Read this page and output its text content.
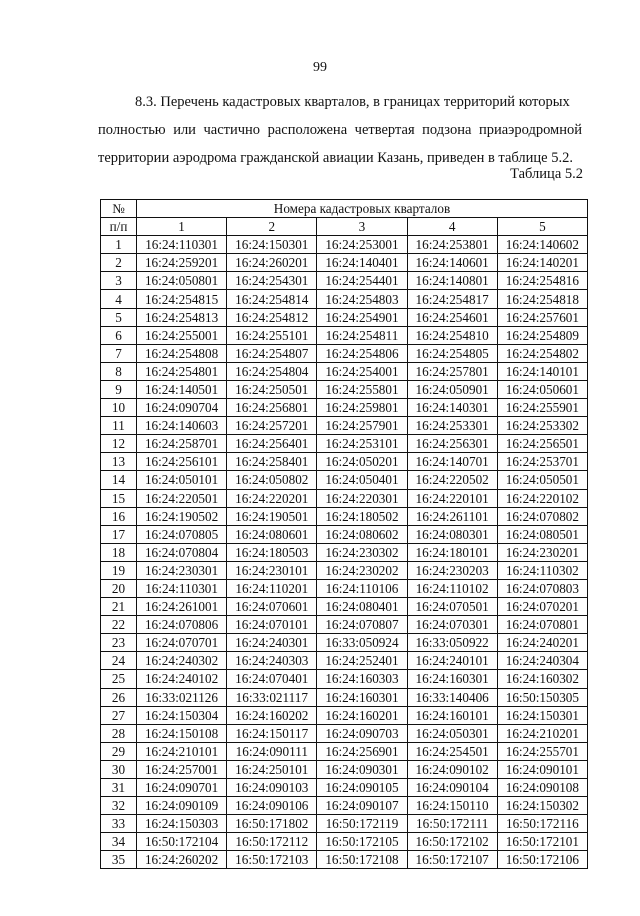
99
8.3. Перечень кадастровых кварталов, в границах территорий которых
полностью или частично расположена четвертая подзона приаэродромной
территории аэродрома гражданской авиации Казань, приведен в таблице 5.2.
Таблица 5.2
№	Номера кадастровых кварталов				
п/п	1	2	3	4	5
1	16:24:110301	16:24:150301	16:24:253001	16:24:253801	16:24:140602
2	16:24:259201	16:24:260201	16:24:140401	16:24:140601	16:24:140201
3	16:24:050801	16:24:254301	16:24:254401	16:24:140801	16:24:254816
4	16:24:254815	16:24:254814	16:24:254803	16:24:254817	16:24:254818
5	16:24:254813	16:24:254812	16:24:254901	16:24:254601	16:24:257601
6	16:24:255001	16:24:255101	16:24:254811	16:24:254810	16:24:254809
7	16:24:254808	16:24:254807	16:24:254806	16:24:254805	16:24:254802
8	16:24:254801	16:24:254804	16:24:254001	16:24:257801	16:24:140101
9	16:24:140501	16:24:250501	16:24:255801	16:24:050901	16:24:050601
10	16:24:090704	16:24:256801	16:24:259801	16:24:140301	16:24:255901
11	16:24:140603	16:24:257201	16:24:257901	16:24:253301	16:24:253302
12	16:24:258701	16:24:256401	16:24:253101	16:24:256301	16:24:256501
13	16:24:256101	16:24:258401	16:24:050201	16:24:140701	16:24:253701
14	16:24:050101	16:24:050802	16:24:050401	16:24:220502	16:24:050501
15	16:24:220501	16:24:220201	16:24:220301	16:24:220101	16:24:220102
16	16:24:190502	16:24:190501	16:24:180502	16:24:261101	16:24:070802
17	16:24:070805	16:24:080601	16:24:080602	16:24:080301	16:24:080501
18	16:24:070804	16:24:180503	16:24:230302	16:24:180101	16:24:230201
19	16:24:230301	16:24:230101	16:24:230202	16:24:230203	16:24:110302
20	16:24:110301	16:24:110201	16:24:110106	16:24:110102	16:24:070803
21	16:24:261001	16:24:070601	16:24:080401	16:24:070501	16:24:070201
22	16:24:070806	16:24:070101	16:24:070807	16:24:070301	16:24:070801
23	16:24:070701	16:24:240301	16:33:050924	16:33:050922	16:24:240201
24	16:24:240302	16:24:240303	16:24:252401	16:24:240101	16:24:240304
25	16:24:240102	16:24:070401	16:24:160303	16:24:160301	16:24:160302
26	16:33:021126	16:33:021117	16:24:160301	16:33:140406	16:50:150305
27	16:24:150304	16:24:160202	16:24:160201	16:24:160101	16:24:150301
28	16:24:150108	16:24:150117	16:24:090703	16:24:050301	16:24:210201
29	16:24:210101	16:24:090111	16:24:256901	16:24:254501	16:24:255701
30	16:24:257001	16:24:250101	16:24:090301	16:24:090102	16:24:090101
31	16:24:090701	16:24:090103	16:24:090105	16:24:090104	16:24:090108
32	16:24:090109	16:24:090106	16:24:090107	16:24:150110	16:24:150302
33	16:24:150303	16:50:171802	16:50:172119	16:50:172111	16:50:172116
34	16:50:172104	16:50:172112	16:50:172105	16:50:172102	16:50:172101
35	16:24:260202	16:50:172103	16:50:172108	16:50:172107	16:50:172106
